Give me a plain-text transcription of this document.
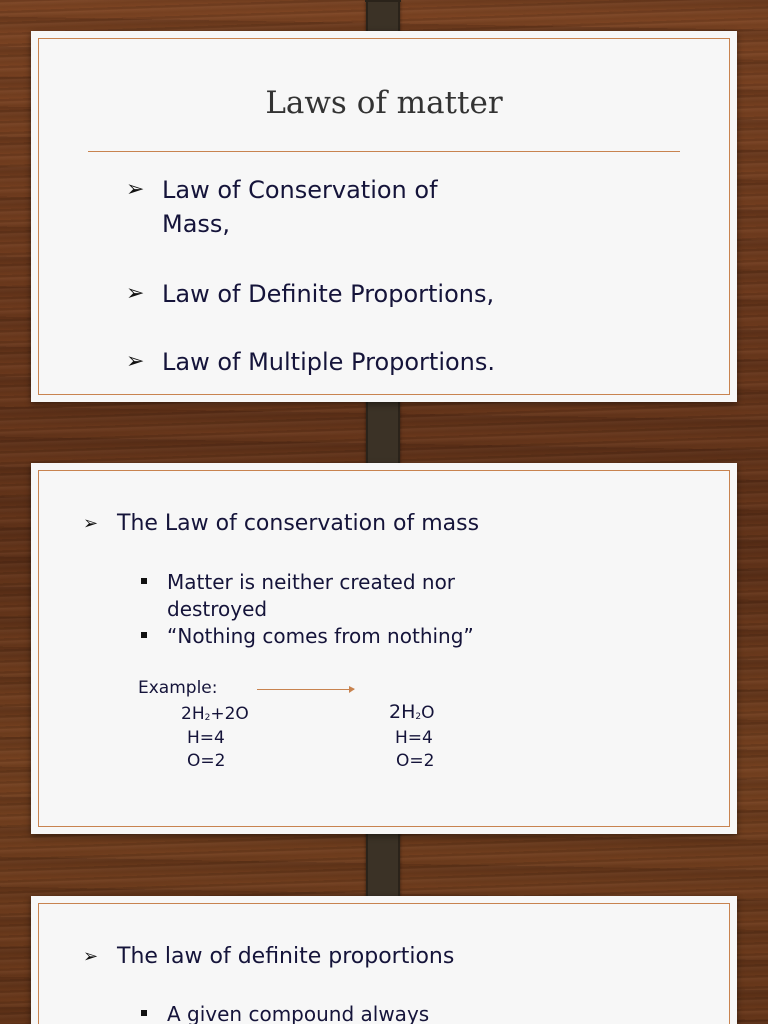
Laws of matter
➢ Law of Conservation of
Mass,
➢ Law of Definite Proportions,
➢ Law of Multiple Proportions.
➢ The Law of conservation of mass
Matter is neither created nor
destroyed
“Nothing comes from nothing”
Example:
$2H_2+2O$
H=4
O=2
$2H_2O$
H=4
O=2
➢ The law of definite proportions
A given compound always
